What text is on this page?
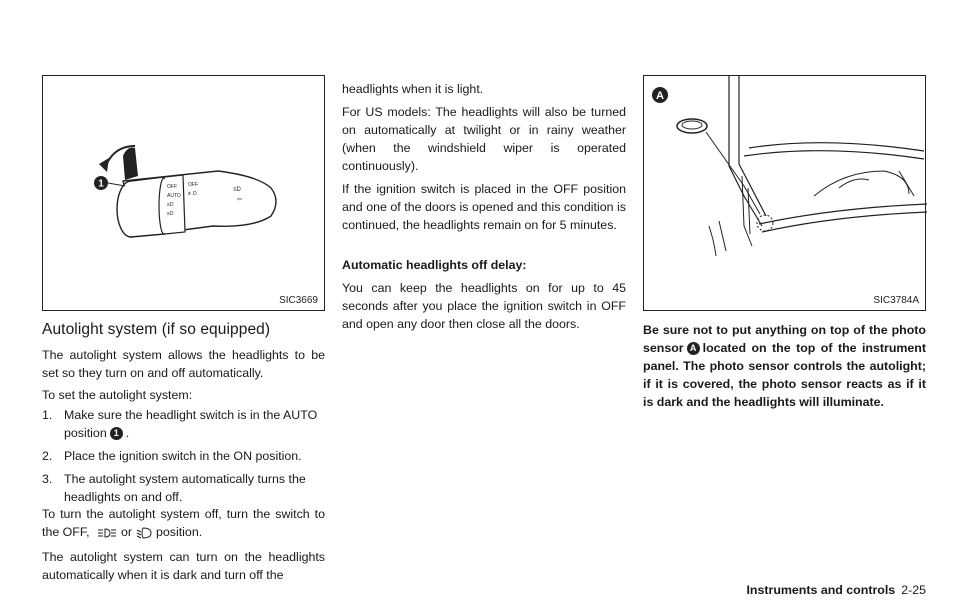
OFF
AUTO
≡D
≡D
OFF
≢D
≡D
⇦
1
SIC3669
Autolight system (if so equipped)

The autolight system allows the headlights to be set so they turn on and off automatically.

To set the autolight system:

1. Make sure the headlight switch is in the AUTO position 1 .
2. Place the ignition switch in the ON position.
3. The autolight system automatically turns the headlights on and off.

To turn the autolight system off, turn the switch to the OFF,	or position.

The autolight system can turn on the headlights automatically when it is dark and turn off the

headlights when it is light.

For US models: The headlights will also be turned on automatically at twilight or in rainy weather (when the windshield wiper is operated continuously).

If the ignition switch is placed in the OFF position and one of the doors is opened and this condition is continued, the headlights remain on for 5 minutes.

Automatic headlights off delay:

You can keep the headlights on for up to 45 seconds after you place the ignition switch in OFF and open any door then close all the doors.

A
SIC3784A

Be sure not to put anything on top of the photo sensor A located on the top of the instrument panel. The photo sensor controls the autolight; if it is covered, the photo sensor reacts as if it is dark and the headlights will illuminate.

Instruments and controls 2-25
